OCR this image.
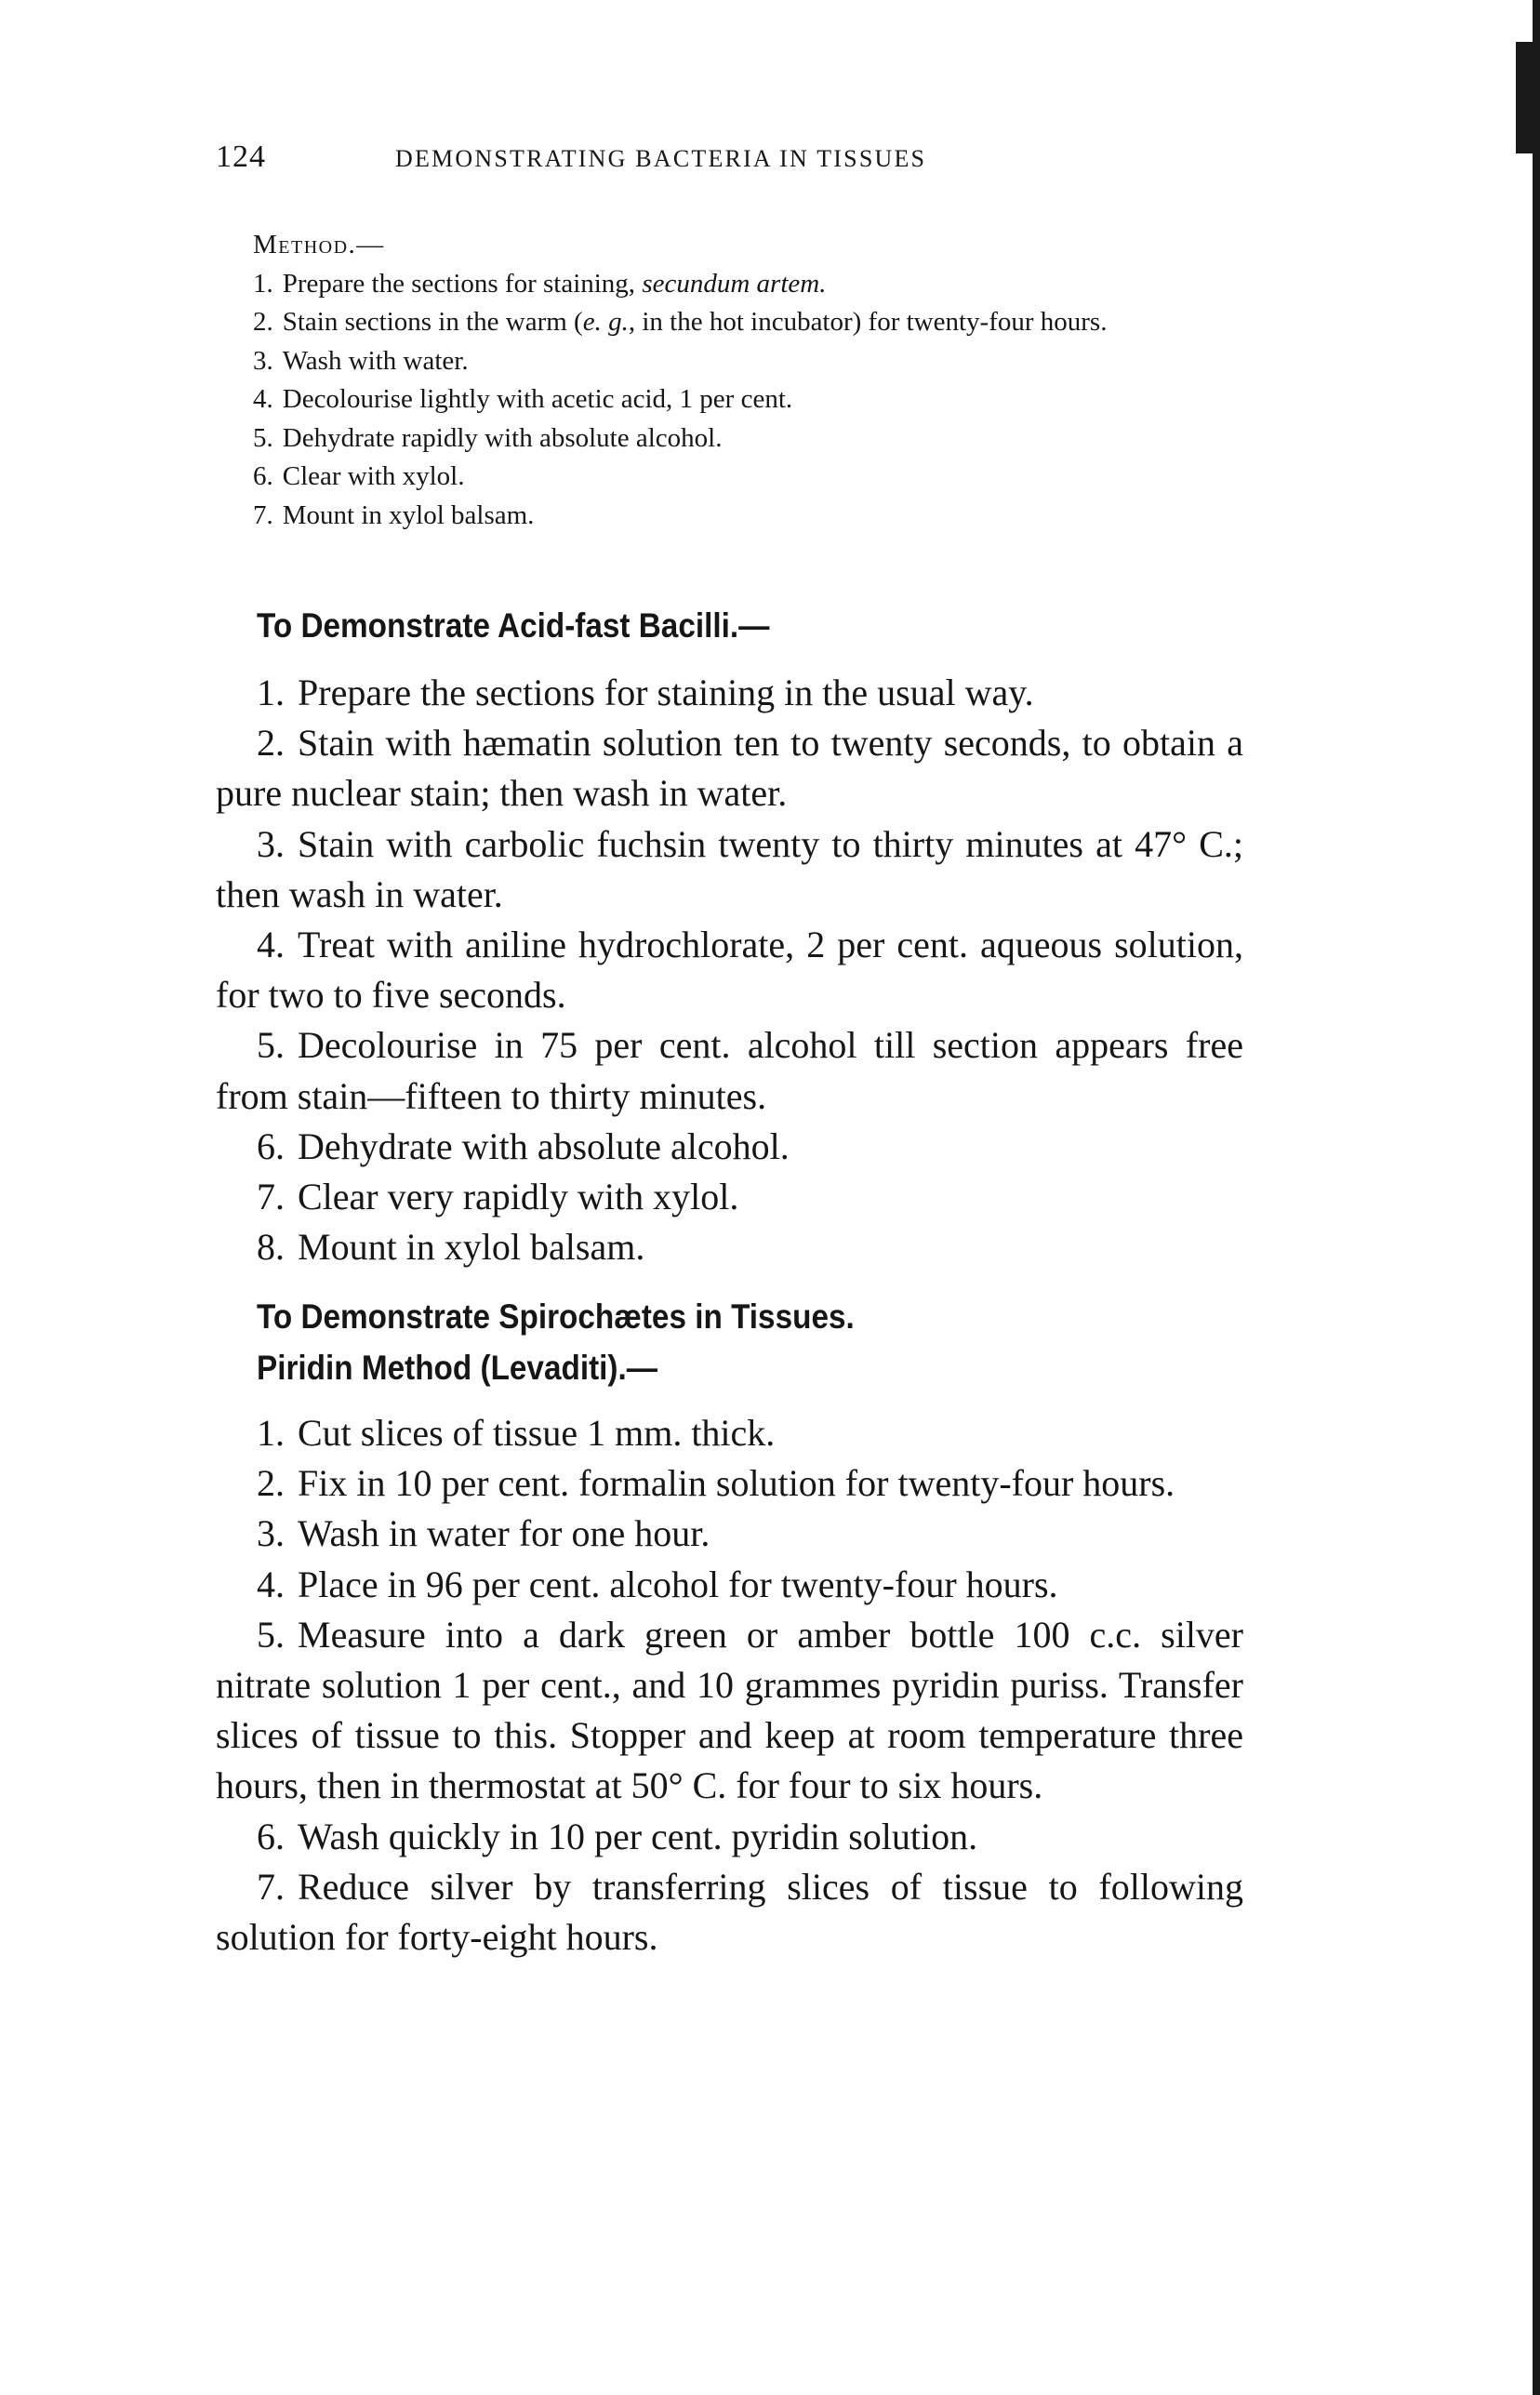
124	DEMONSTRATING BACTERIA IN TISSUES
Method.—

1. Prepare the sections for staining, secundum artem.

2. Stain sections in the warm (e. g., in the hot incubator) for twenty-four hours.

3. Wash with water.

4. Decolourise lightly with acetic acid, 1 per cent.

5. Dehydrate rapidly with absolute alcohol.

6. Clear with xylol.

7. Mount in xylol balsam.

To Demonstrate Acid-fast Bacilli.—

1. Prepare the sections for staining in the usual way.

2. Stain with hæmatin solution ten to twenty seconds, to obtain a pure nuclear stain; then wash in water.

3. Stain with carbolic fuchsin twenty to thirty minutes at 47° C.; then wash in water.

4. Treat with aniline hydrochlorate, 2 per cent. aqueous solution, for two to five seconds.

5. Decolourise in 75 per cent. alcohol till section appears free from stain—fifteen to thirty minutes.

6. Dehydrate with absolute alcohol.

7. Clear very rapidly with xylol.

8. Mount in xylol balsam.

To Demonstrate Spirochætes in Tissues.
Piridin Method (Levaditi).—

1. Cut slices of tissue 1 mm. thick.

2. Fix in 10 per cent. formalin solution for twenty-four hours.

3. Wash in water for one hour.

4. Place in 96 per cent. alcohol for twenty-four hours.

5. Measure into a dark green or amber bottle 100 c.c. silver nitrate solution 1 per cent., and 10 grammes pyridin puriss. Transfer slices of tissue to this. Stopper and keep at room temperature three hours, then in thermostat at 50° C. for four to six hours.

6. Wash quickly in 10 per cent. pyridin solution.

7. Reduce silver by transferring slices of tissue to following solution for forty-eight hours.
